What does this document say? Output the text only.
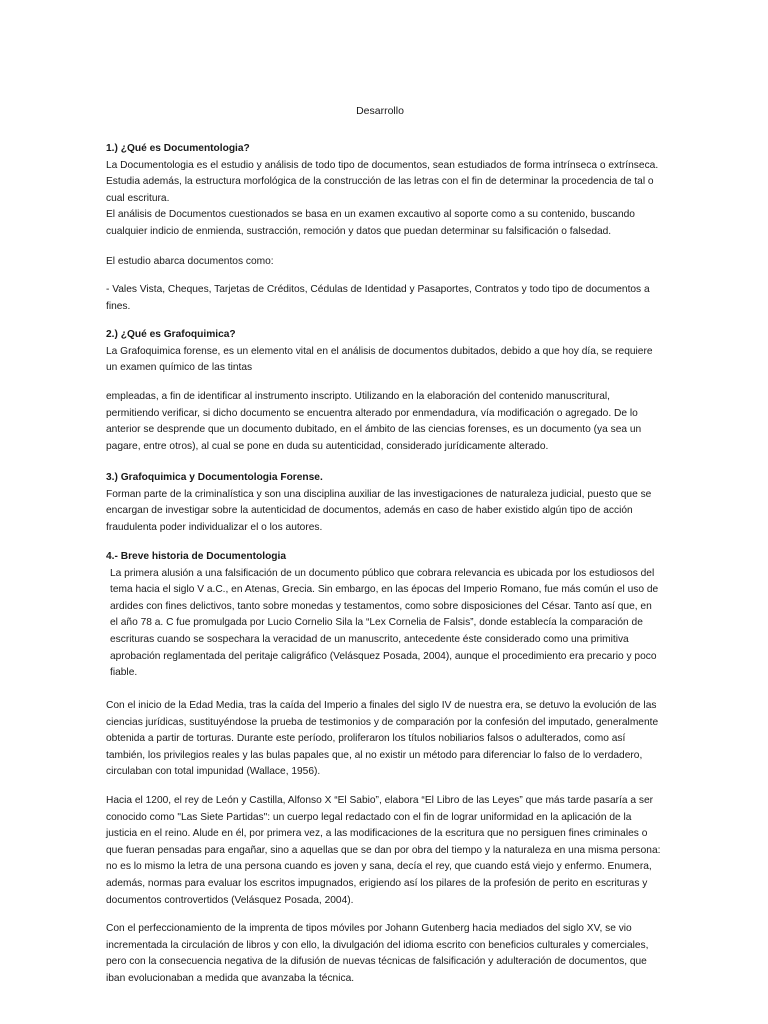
Desarrollo

1.) ¿Qué es Documentologia?

La Documentologia es el estudio y análisis de todo tipo de documentos, sean estudiados de forma intrínseca o extrínseca. Estudia además, la estructura morfológica de la construcción de las letras con el fin de determinar la procedencia de tal o cual escritura.

El análisis de Documentos cuestionados se basa en un examen excautivo al soporte como a su contenido, buscando cualquier indicio de enmienda, sustracción, remoción y datos que puedan determinar su falsificación o falsedad.

El estudio abarca documentos como:

- Vales Vista, Cheques, Tarjetas de Créditos, Cédulas de Identidad y Pasaportes, Contratos y todo tipo de documentos a fines.

2.) ¿Qué es Grafoquimica?

La Grafoquimica forense, es un elemento vital en el análisis de documentos dubitados, debido a que hoy día, se requiere un examen químico de las tintas

empleadas, a fin de identificar al instrumento inscripto. Utilizando en la elaboración del contenido manuscritural, permitiendo verificar, si dicho documento se encuentra alterado por enmendadura, vía modificación o agregado. De lo anterior se desprende que un documento dubitado, en el ámbito de las ciencias forenses, es un documento (ya sea un pagare, entre otros), al cual se pone en duda su autenticidad, considerado jurídicamente alterado.

3.) Grafoquimica y Documentologia Forense.

Forman parte de la criminalística y son una disciplina auxiliar de las investigaciones de naturaleza judicial, puesto que se encargan de investigar sobre la autenticidad de documentos, además en caso de haber existido algún tipo de acción fraudulenta poder individualizar el o los autores.

4.- Breve historia de Documentologia

La primera alusión a una falsificación de un documento público que cobrara relevancia es ubicada por los estudiosos del tema hacia el siglo V a.C., en Atenas, Grecia. Sin embargo, en las épocas del Imperio Romano, fue más común el uso de ardides con fines delictivos, tanto sobre monedas y testamentos, como sobre disposiciones del César. Tanto así que, en el año 78 a. C fue promulgada por Lucio Cornelio Sila la “Lex Cornelia de Falsis”, donde establecía la comparación de escrituras cuando se sospechara la veracidad de un manuscrito, antecedente éste considerado como una primitiva aprobación reglamentada del peritaje caligráfico (Velásquez Posada, 2004), aunque el procedimiento era precario y poco fiable.

Con el inicio de la Edad Media, tras la caída del Imperio a finales del siglo IV de nuestra era, se detuvo la evolución de las ciencias jurídicas, sustituyéndose la prueba de testimonios y de comparación por la confesión del imputado, generalmente obtenida a partir de torturas. Durante este período, proliferaron los títulos nobiliarios falsos o adulterados, como así también, los privilegios reales y las bulas papales que, al no existir un método para diferenciar lo falso de lo verdadero, circulaban con total impunidad (Wallace, 1956).

Hacia el 1200, el rey de León y Castilla, Alfonso X “El Sabio”, elabora “El Libro de las Leyes” que más tarde pasaría a ser conocido como "Las Siete Partidas": un cuerpo legal redactado con el fin de lograr uniformidad en la aplicación de la justicia en el reino. Alude en él, por primera vez, a las modificaciones de la escritura que no persiguen fines criminales o que fueran pensadas para engañar, sino a aquellas que se dan por obra del tiempo y la naturaleza en una misma persona: no es lo mismo la letra de una persona cuando es joven y sana, decía el rey, que cuando está viejo y enfermo. Enumera, además, normas para evaluar los escritos impugnados, erigiendo así los pilares de la profesión de perito en escrituras y documentos controvertidos (Velásquez Posada, 2004).

Con el perfeccionamiento de la imprenta de tipos móviles por Johann Gutenberg hacia mediados del siglo XV, se vio incrementada la circulación de libros y con ello, la divulgación del idioma escrito con beneficios culturales y comerciales, pero con la consecuencia negativa de la difusión de nuevas técnicas de falsificación y adulteración de documentos, que iban evolucionaban a medida que avanzaba la técnica.
